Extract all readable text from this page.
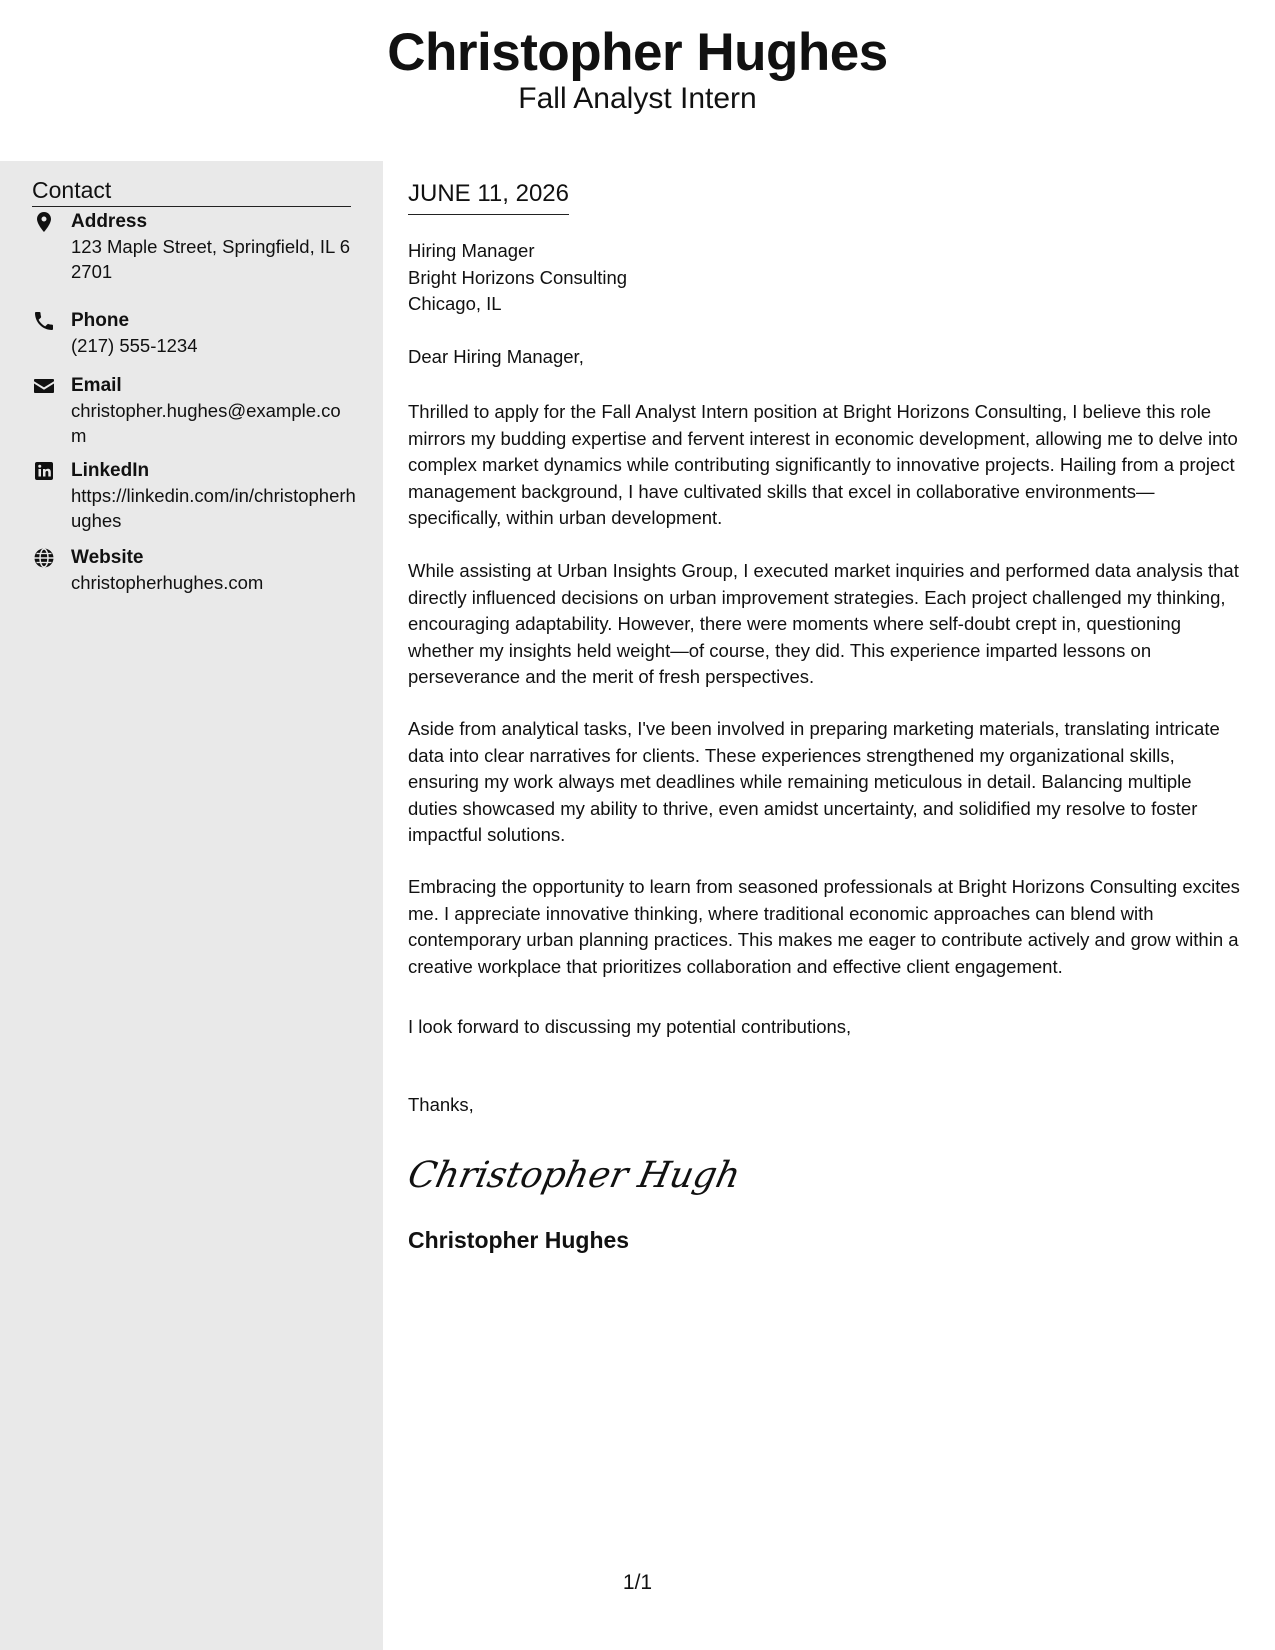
Christopher Hughes
Fall Analyst Intern
Contact
Address
123 Maple Street, Springfield, IL 62701
Phone
(217) 555-1234
Email
christopher.hughes@example.com
LinkedIn
https://linkedin.com/in/christopherhughes
Website
christopherhughes.com
JUNE 11, 2026
Hiring Manager
Bright Horizons Consulting
Chicago, IL
Dear Hiring Manager,

Thrilled to apply for the Fall Analyst Intern position at Bright Horizons Consulting, I believe this role mirrors my budding expertise and fervent interest in economic development, allowing me to delve into complex market dynamics while contributing significantly to innovative projects. Hailing from a project management background, I have cultivated skills that excel in collaborative environments—specifically, within urban development.

While assisting at Urban Insights Group, I executed market inquiries and performed data analysis that directly influenced decisions on urban improvement strategies. Each project challenged my thinking, encouraging adaptability. However, there were moments where self-doubt crept in, questioning whether my insights held weight—of course, they did. This experience imparted lessons on perseverance and the merit of fresh perspectives.

Aside from analytical tasks, I've been involved in preparing marketing materials, translating intricate data into clear narratives for clients. These experiences strengthened my organizational skills, ensuring my work always met deadlines while remaining meticulous in detail. Balancing multiple duties showcased my ability to thrive, even amidst uncertainty, and solidified my resolve to foster impactful solutions.

Embracing the opportunity to learn from seasoned professionals at Bright Horizons Consulting excites me. I appreciate innovative thinking, where traditional economic approaches can blend with contemporary urban planning practices. This makes me eager to contribute actively and grow within a creative workplace that prioritizes collaboration and effective client engagement.

I look forward to discussing my potential contributions,
Thanks,
Christopher Hugh
Christopher Hughes
1/1
